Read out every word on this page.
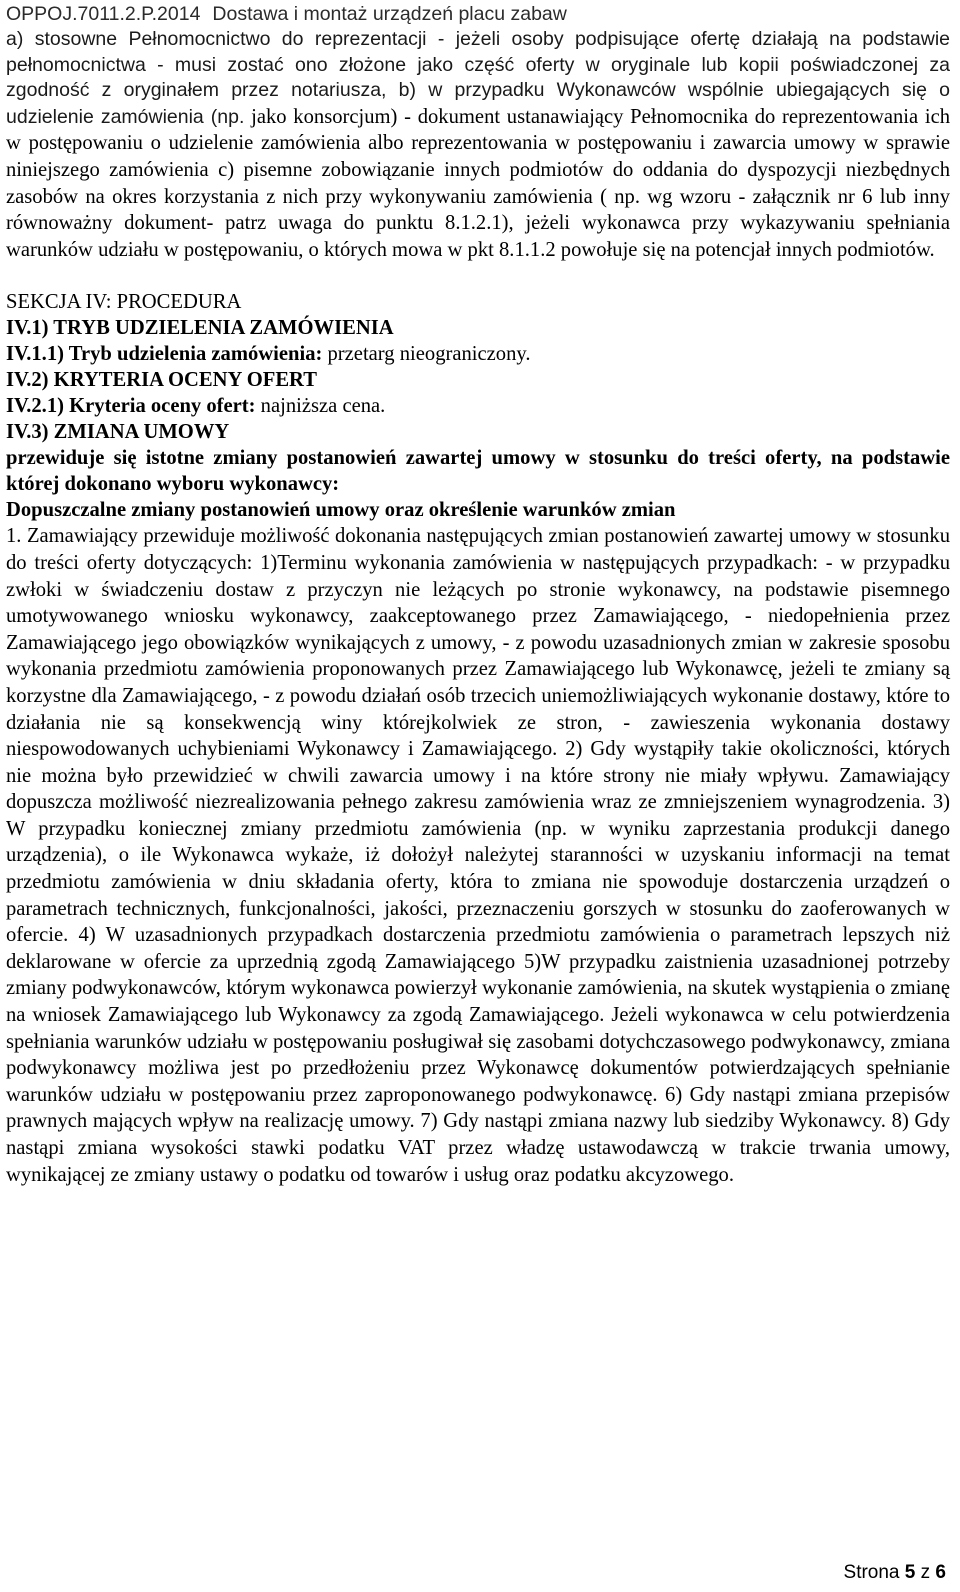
OPPOJ.7011.2.P.2014 Dostawa i montaż urządzeń placu zabaw
a) stosowne Pełnomocnictwo do reprezentacji - jeżeli osoby podpisujące ofertę działają na podstawie pełnomocnictwa - musi zostać ono złożone jako część oferty w oryginale lub kopii poświadczonej za zgodność z oryginałem przez notariusza, b) w przypadku Wykonawców wspólnie ubiegających się o udzielenie zamówienia (np. jako konsorcjum) - dokument ustanawiający Pełnomocnika do reprezentowania ich w postępowaniu o udzielenie zamówienia albo reprezentowania w postępowaniu i zawarcia umowy w sprawie niniejszego zamówienia c) pisemne zobowiązanie innych podmiotów do oddania do dyspozycji niezbędnych zasobów na okres korzystania z nich przy wykonywaniu zamówienia ( np. wg wzoru - załącznik nr 6 lub inny równoważny dokument- patrz uwaga do punktu 8.1.2.1), jeżeli wykonawca przy wykazywaniu spełniania warunków udziału w postępowaniu, o których mowa w pkt 8.1.1.2 powołuje się na potencjał innych podmiotów.
SEKCJA IV: PROCEDURA
IV.1) TRYB UDZIELENIA ZAMÓWIENIA
IV.1.1) Tryb udzielenia zamówienia: przetarg nieograniczony.
IV.2) KRYTERIA OCENY OFERT
IV.2.1) Kryteria oceny ofert: najniższa cena.
IV.3) ZMIANA UMOWY
przewiduje się istotne zmiany postanowień zawartej umowy w stosunku do treści oferty, na podstawie której dokonano wyboru wykonawcy:
Dopuszczalne zmiany postanowień umowy oraz określenie warunków zmian
1. Zamawiający przewiduje możliwość dokonania następujących zmian postanowień zawartej umowy w stosunku do treści oferty dotyczących: 1)Terminu wykonania zamówienia w następujących przypadkach: - w przypadku zwłoki w świadczeniu dostaw z przyczyn nie leżących po stronie wykonawcy, na podstawie pisemnego umotywowanego wniosku wykonawcy, zaakceptowanego przez Zamawiającego, - niedopełnienia przez Zamawiającego jego obowiązków wynikających z umowy, - z powodu uzasadnionych zmian w zakresie sposobu wykonania przedmiotu zamówienia proponowanych przez Zamawiającego lub Wykonawcę, jeżeli te zmiany są korzystne dla Zamawiającego, - z powodu działań osób trzecich uniemożliwiających wykonanie dostawy, które to działania nie są konsekwencją winy którejkolwiek ze stron, - zawieszenia wykonania dostawy niespowodowanych uchybieniami Wykonawcy i Zamawiającego. 2) Gdy wystąpiły takie okoliczności, których nie można było przewidzieć w chwili zawarcia umowy i na które strony nie miały wpływu. Zamawiający dopuszcza możliwość niezrealizowania pełnego zakresu zamówienia wraz ze zmniejszeniem wynagrodzenia. 3) W przypadku koniecznej zmiany przedmiotu zamówienia (np. w wyniku zaprzestania produkcji danego urządzenia), o ile Wykonawca wykaże, iż dołożył należytej staranności w uzyskaniu informacji na temat przedmiotu zamówienia w dniu składania oferty, która to zmiana nie spowoduje dostarczenia urządzeń o parametrach technicznych, funkcjonalności, jakości, przeznaczeniu gorszych w stosunku do zaoferowanych w ofercie. 4) W uzasadnionych przypadkach dostarczenia przedmiotu zamówienia o parametrach lepszych niż deklarowane w ofercie za uprzednią zgodą Zamawiającego 5)W przypadku zaistnienia uzasadnionej potrzeby zmiany podwykonawców, którym wykonawca powierzył wykonanie zamówienia, na skutek wystąpienia o zmianę na wniosek Zamawiającego lub Wykonawcy za zgodą Zamawiającego. Jeżeli wykonawca w celu potwierdzenia spełniania warunków udziału w postępowaniu posługiwał się zasobami dotychczasowego podwykonawcy, zmiana podwykonawcy możliwa jest po przedłożeniu przez Wykonawcę dokumentów potwierdzających spełnianie warunków udziału w postępowaniu przez zaproponowanego podwykonawcę. 6) Gdy nastąpi zmiana przepisów prawnych mających wpływ na realizację umowy. 7) Gdy nastąpi zmiana nazwy lub siedziby Wykonawcy. 8) Gdy nastąpi zmiana wysokości stawki podatku VAT przez władzę ustawodawczą w trakcie trwania umowy, wynikającej ze zmiany ustawy o podatku od towarów i usług oraz podatku akcyzowego.
Strona 5 z 6
